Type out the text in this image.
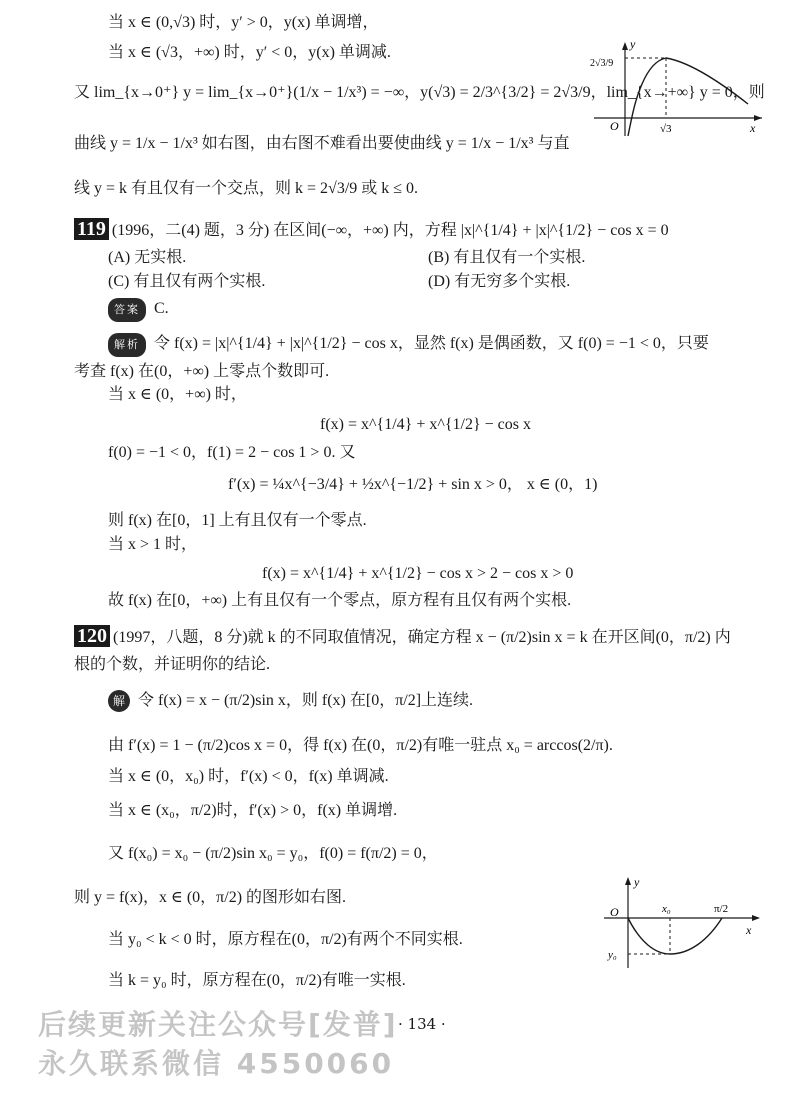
当 x ∈ (0,√3) 时，y′ > 0，y(x) 单调增，
当 x ∈ (√3，+∞) 时，y′ < 0，y(x) 单调减.
又 lim_{x→0⁺} y = lim_{x→0⁺}(1/x − 1/x³) = −∞，y(√3) = 2/3^{3/2} = 2√3/9，lim_{x→+∞} y = 0，则
曲线 y = 1/x − 1/x³ 如右图，由右图不难看出要使曲线 y = 1/x − 1/x³ 与直
线 y = k 有且仅有一个交点，则 k = 2√3/9 或 k ≤ 0.
y
x
O	√3
2√3/9
119 (1996，二(4) 题，3 分) 在区间(−∞，+∞) 内，方程 |x|^{1/4} + |x|^{1/2} − cos x = 0
(A) 无实根.	(B) 有且仅有一个实根.
(C) 有且仅有两个实根.	(D) 有无穷多个实根.
答案 C.
解析 令 f(x) = |x|^{1/4} + |x|^{1/2} − cos x，显然 f(x) 是偶函数，又 f(0) = −1 < 0，只要
考查 f(x) 在(0，+∞) 上零点个数即可.
当 x ∈ (0，+∞) 时，
f(x) = x^{1/4} + x^{1/2} − cos x
f(0) = −1 < 0，f(1) = 2 − cos 1 > 0. 又
f′(x) = ¼x^{−3/4} + ½x^{−1/2} + sin x > 0， x ∈ (0，1)
则 f(x) 在[0，1] 上有且仅有一个零点.
当 x > 1 时，
f(x) = x^{1/4} + x^{1/2} − cos x > 2 − cos x > 0
故 f(x) 在[0，+∞) 上有且仅有一个零点，原方程有且仅有两个实根.
120 (1997，八题，8 分)就 k 的不同取值情况，确定方程 x − (π/2)sin x = k 在开区间(0，π/2) 内
根的个数，并证明你的结论.
解 令 f(x) = x − (π/2)sin x，则 f(x) 在[0，π/2]上连续.
由 f′(x) = 1 − (π/2)cos x = 0，得 f(x) 在(0，π/2)有唯一驻点 x₀ = arccos(2/π).
当 x ∈ (0，x₀) 时，f′(x) < 0，f(x) 单调减.
当 x ∈ (x₀，π/2)时，f′(x) > 0，f(x) 单调增.
又 f(x₀) = x₀ − (π/2)sin x₀ = y₀，f(0) = f(π/2) = 0，
则 y = f(x)，x ∈ (0，π/2) 的图形如右图.
当 y₀ < k < 0 时，原方程在(0，π/2)有两个不同实根.
当 k = y₀ 时，原方程在(0，π/2)有唯一实根.
y
x
O	x₀	π/2
y₀
后续更新关注公众号[发普] · 134 ·
永久联系微信 4550060
